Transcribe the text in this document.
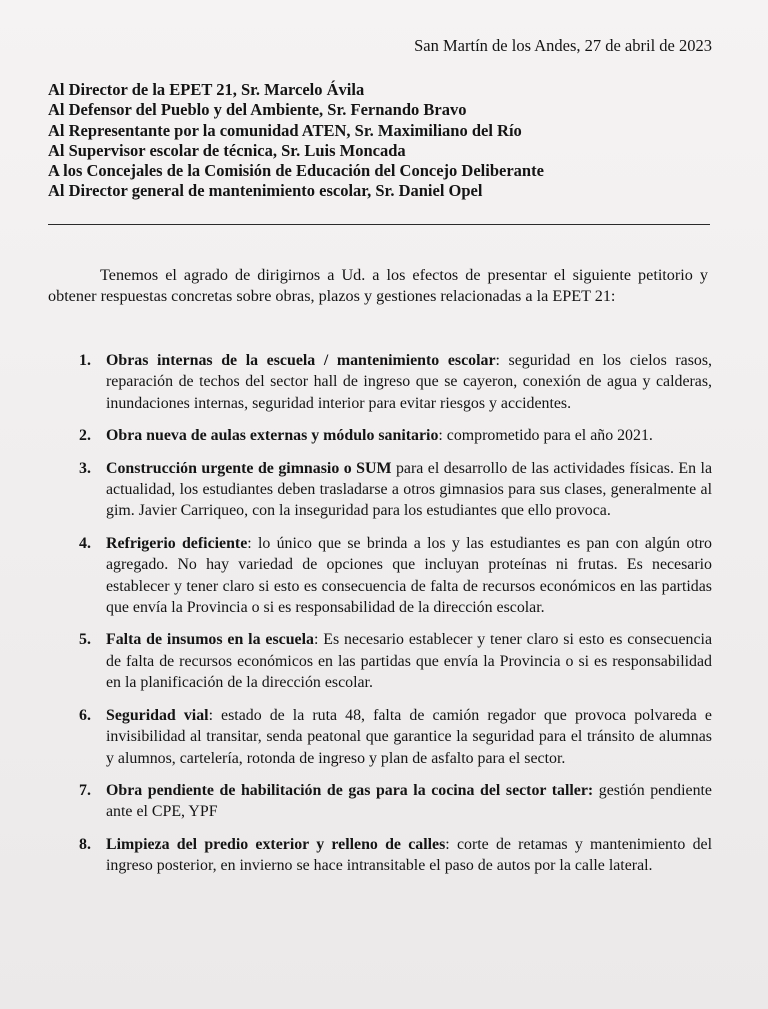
San Martín de los Andes, 27 de abril de 2023
Al Director de la EPET 21, Sr. Marcelo Ávila
Al Defensor del Pueblo y del Ambiente, Sr. Fernando Bravo
Al Representante por la comunidad ATEN, Sr. Maximiliano del Río
Al Supervisor escolar de técnica, Sr. Luis Moncada
A los Concejales de la Comisión de Educación del Concejo Deliberante
Al Director general de mantenimiento escolar, Sr. Daniel Opel
Tenemos el agrado de dirigirnos a Ud. a los efectos de presentar el siguiente petitorio y obtener respuestas concretas sobre obras, plazos y gestiones relacionadas a la EPET 21:
1. Obras internas de la escuela / mantenimiento escolar: seguridad en los cielos rasos, reparación de techos del sector hall de ingreso que se cayeron, conexión de agua y calderas, inundaciones internas, seguridad interior para evitar riesgos y accidentes.
2. Obra nueva de aulas externas y módulo sanitario: comprometido para el año 2021.
3. Construcción urgente de gimnasio o SUM para el desarrollo de las actividades físicas. En la actualidad, los estudiantes deben trasladarse a otros gimnasios para sus clases, generalmente al gim. Javier Carriqueo, con la inseguridad para los estudiantes que ello provoca.
4. Refrigerio deficiente: lo único que se brinda a los y las estudiantes es pan con algún otro agregado. No hay variedad de opciones que incluyan proteínas ni frutas. Es necesario establecer y tener claro si esto es consecuencia de falta de recursos económicos en las partidas que envía la Provincia o si es responsabilidad de la dirección escolar.
5. Falta de insumos en la escuela: Es necesario establecer y tener claro si esto es consecuencia de falta de recursos económicos en las partidas que envía la Provincia o si es responsabilidad en la planificación de la dirección escolar.
6. Seguridad vial: estado de la ruta 48, falta de camión regador que provoca polvareda e invisibilidad al transitar, senda peatonal que garantice la seguridad para el tránsito de alumnas y alumnos, cartelería, rotonda de ingreso y plan de asfalto para el sector.
7. Obra pendiente de habilitación de gas para la cocina del sector taller: gestión pendiente ante el CPE, YPF
8. Limpieza del predio exterior y relleno de calles: corte de retamas y mantenimiento del ingreso posterior, en invierno se hace intransitable el paso de autos por la calle lateral.
